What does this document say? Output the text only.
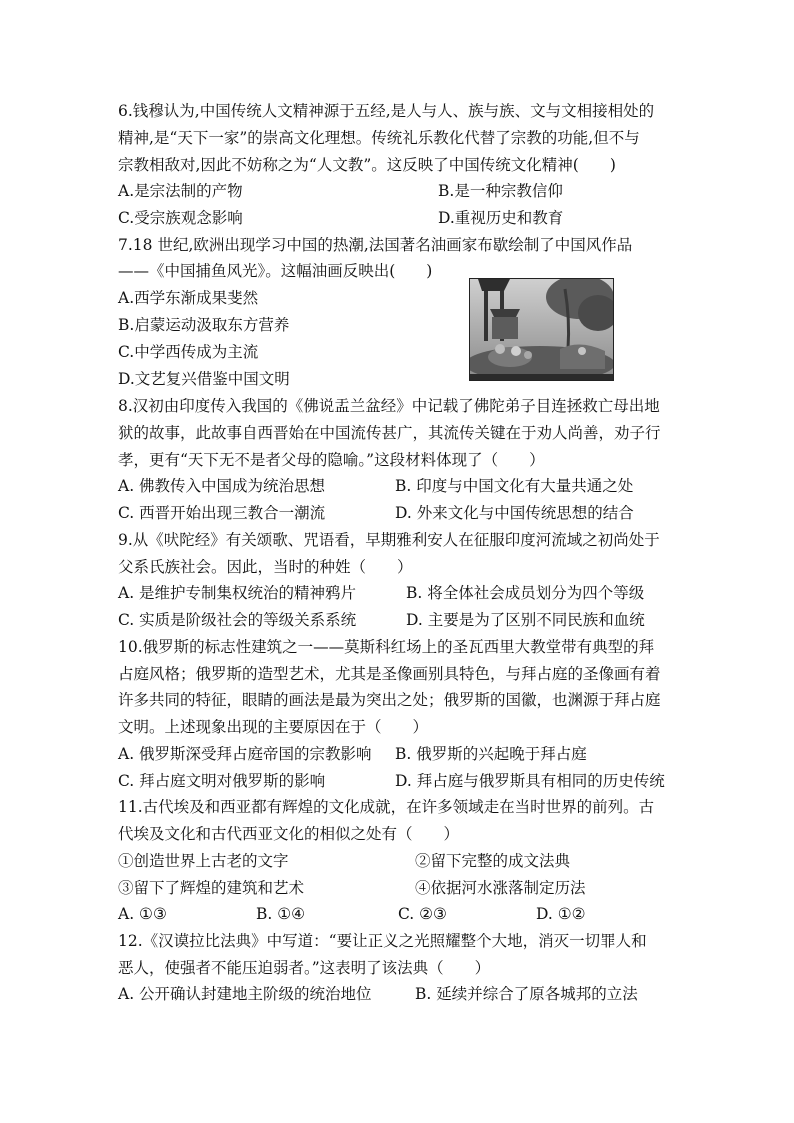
6.钱穆认为,中国传统人文精神源于五经,是人与人、族与族、文与文相接相处的
精神,是“天下一家”的崇高文化理想。传统礼乐教化代替了宗教的功能,但不与
宗教相敌对,因此不妨称之为“人文教”。这反映了中国传统文化精神(　　)
A.是宗法制的产物	B.是一种宗教信仰
C.受宗族观念影响	D.重视历史和教育
7.18 世纪,欧洲出现学习中国的热潮,法国著名油画家布歇绘制了中国风作品
——《中国捕鱼风光》。这幅油画反映出(　　)
A.西学东渐成果斐然
B.启蒙运动汲取东方营养
C.中学西传成为主流
D.文艺复兴借鉴中国文明
8.汉初由印度传入我国的《佛说盂兰盆经》中记载了佛陀弟子目连拯救亡母出地
狱的故事，此故事自西晋始在中国流传甚广，其流传关键在于劝人尚善，劝子行
孝，更有“天下无不是者父母的隐喻。”这段材料体现了（　　）
A. 佛教传入中国成为统治思想	B. 印度与中国文化有大量共通之处
C. 西晋开始出现三教合一潮流	D. 外来文化与中国传统思想的结合
9.从《吠陀经》有关颂歌、咒语看，早期雅利安人在征服印度河流域之初尚处于
父系氏族社会。因此，当时的种姓（　　）
A. 是维护专制集权统治的精神鸦片	B. 将全体社会成员划分为四个等级
C. 实质是阶级社会的等级关系系统	D. 主要是为了区别不同民族和血统
10.俄罗斯的标志性建筑之一——莫斯科红场上的圣瓦西里大教堂带有典型的拜
占庭风格；俄罗斯的造型艺术，尤其是圣像画别具特色，与拜占庭的圣像画有着
许多共同的特征，眼睛的画法是最为突出之处；俄罗斯的国徽，也渊源于拜占庭
文明。上述现象出现的主要原因在于（　　）
A. 俄罗斯深受拜占庭帝国的宗教影响 B. 俄罗斯的兴起晚于拜占庭
C. 拜占庭文明对俄罗斯的影响	D. 拜占庭与俄罗斯具有相同的历史传统
11.古代埃及和西亚都有辉煌的文化成就，在许多领域走在当时世界的前列。古
代埃及文化和古代西亚文化的相似之处有（　　）
①创造世界上古老的文字	②留下完整的成文法典
③留下了辉煌的建筑和艺术	④依据河水涨落制定历法
A. ①③	B. ①④	C. ②③	D. ①②
12.《汉谟拉比法典》中写道：“要让正义之光照耀整个大地，消灭一切罪人和
恶人，使强者不能压迫弱者。”这表明了该法典（　　）
A. 公开确认封建地主阶级的统治地位	B. 延续并综合了原各城邦的立法
